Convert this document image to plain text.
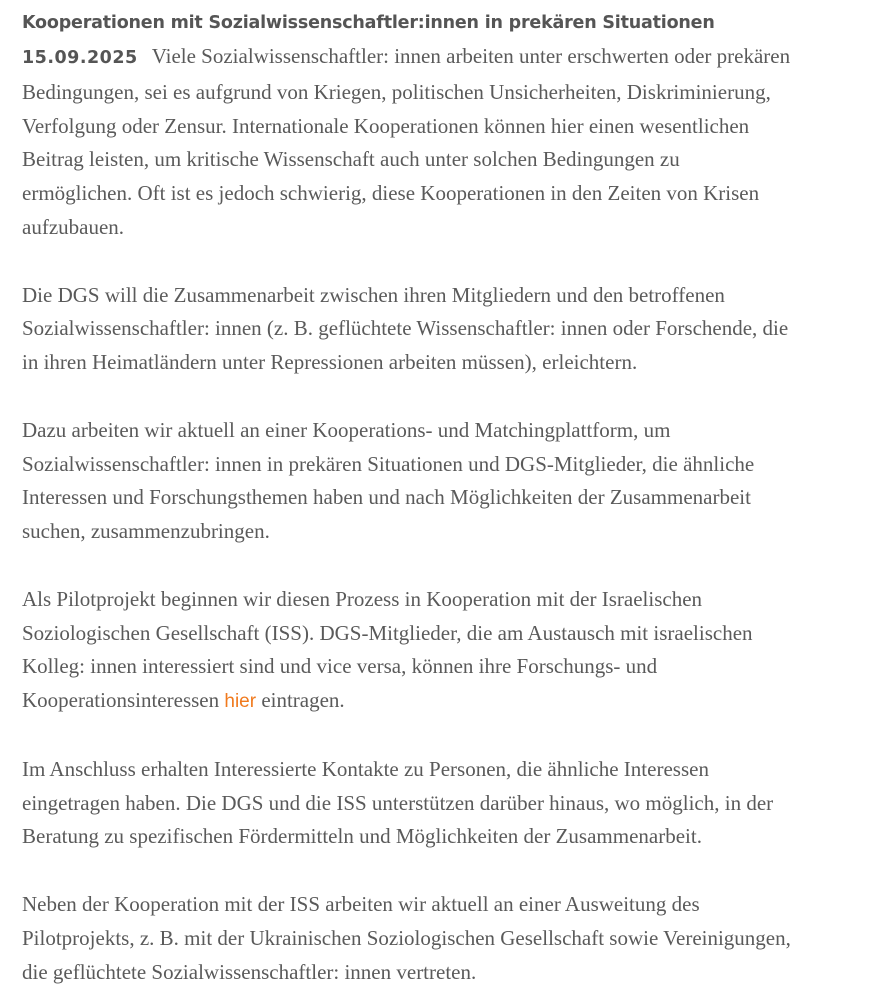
Kooperationen mit Sozialwissenschaftler:innen in prekären Situationen

15.09.2025 Viele Sozialwissenschaftler: innen arbeiten unter erschwerten oder prekären
Bedingungen, sei es aufgrund von Kriegen, politischen Unsicherheiten, Diskriminierung,
Verfolgung oder Zensur. Internationale Kooperationen können hier einen wesentlichen
Beitrag leisten, um kritische Wissenschaft auch unter solchen Bedingungen zu
ermöglichen. Oft ist es jedoch schwierig, diese Kooperationen in den Zeiten von Krisen
aufzubauen.

Die DGS will die Zusammenarbeit zwischen ihren Mitgliedern und den betroffenen
Sozialwissenschaftler: innen (z. B. geflüchtete Wissenschaftler: innen oder Forschende, die
in ihren Heimatländern unter Repressionen arbeiten müssen), erleichtern.

Dazu arbeiten wir aktuell an einer Kooperations- und Matchingplattform, um
Sozialwissenschaftler: innen in prekären Situationen und DGS-Mitglieder, die ähnliche
Interessen und Forschungsthemen haben und nach Möglichkeiten der Zusammenarbeit
suchen, zusammenzubringen.

Als Pilotprojekt beginnen wir diesen Prozess in Kooperation mit der Israelischen
Soziologischen Gesellschaft (ISS). DGS-Mitglieder, die am Austausch mit israelischen
Kolleg: innen interessiert sind und vice versa, können ihre Forschungs- und
Kooperationsinteressen hier eintragen.

Im Anschluss erhalten Interessierte Kontakte zu Personen, die ähnliche Interessen
eingetragen haben. Die DGS und die ISS unterstützen darüber hinaus, wo möglich, in der
Beratung zu spezifischen Fördermitteln und Möglichkeiten der Zusammenarbeit.

Neben der Kooperation mit der ISS arbeiten wir aktuell an einer Ausweitung des
Pilotprojekts, z. B. mit der Ukrainischen Soziologischen Gesellschaft sowie Vereinigungen,
die geflüchtete Sozialwissenschaftler: innen vertreten.
